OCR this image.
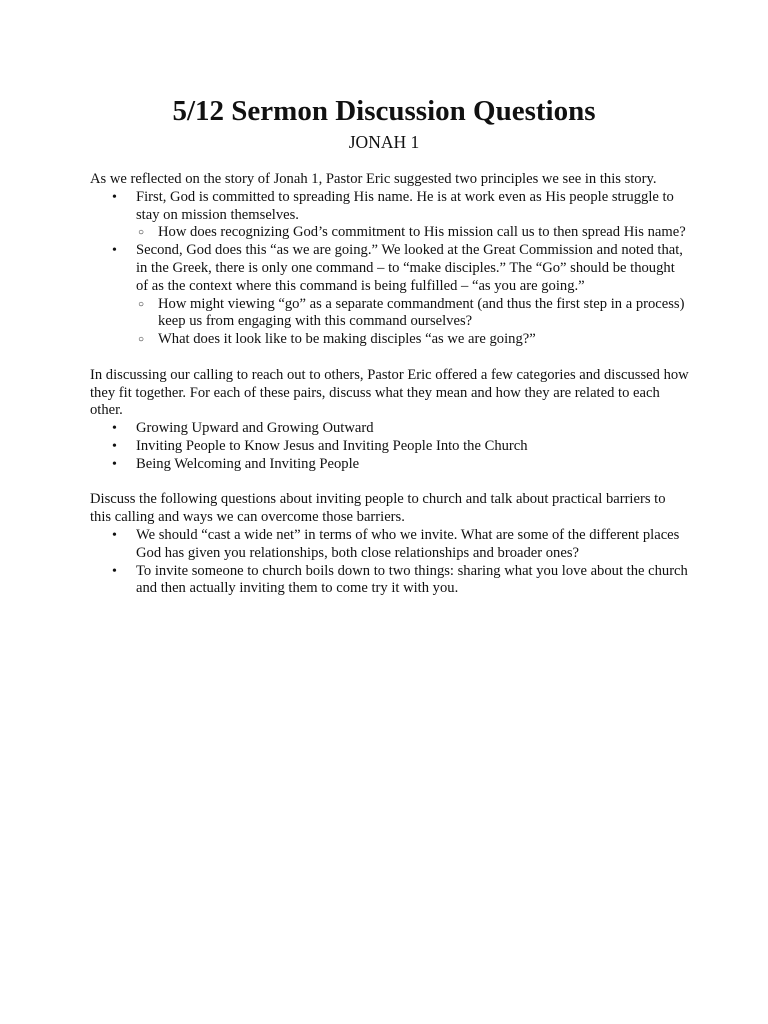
5/12 Sermon Discussion Questions
JONAH 1

As we reflected on the story of Jonah 1, Pastor Eric suggested two principles we see in this story.

• First, God is committed to spreading His name. He is at work even as His people struggle to stay on mission themselves.
○ How does recognizing God’s commitment to His mission call us to then spread His name?
• Second, God does this “as we are going.” We looked at the Great Commission and noted that, in the Greek, there is only one command – to “make disciples.” The “Go” should be thought of as the context where this command is being fulfilled – “as you are going.”
○ How might viewing “go” as a separate commandment (and thus the first step in a process) keep us from engaging with this command ourselves?
○ What does it look like to be making disciples “as we are going?”

In discussing our calling to reach out to others, Pastor Eric offered a few categories and discussed how they fit together. For each of these pairs, discuss what they mean and how they are related to each other.

• Growing Upward and Growing Outward
• Inviting People to Know Jesus and Inviting People Into the Church
• Being Welcoming and Inviting People

Discuss the following questions about inviting people to church and talk about practical barriers to this calling and ways we can overcome those barriers.

• We should “cast a wide net” in terms of who we invite. What are some of the different places God has given you relationships, both close relationships and broader ones?
• To invite someone to church boils down to two things: sharing what you love about the church and then actually inviting them to come try it with you.
